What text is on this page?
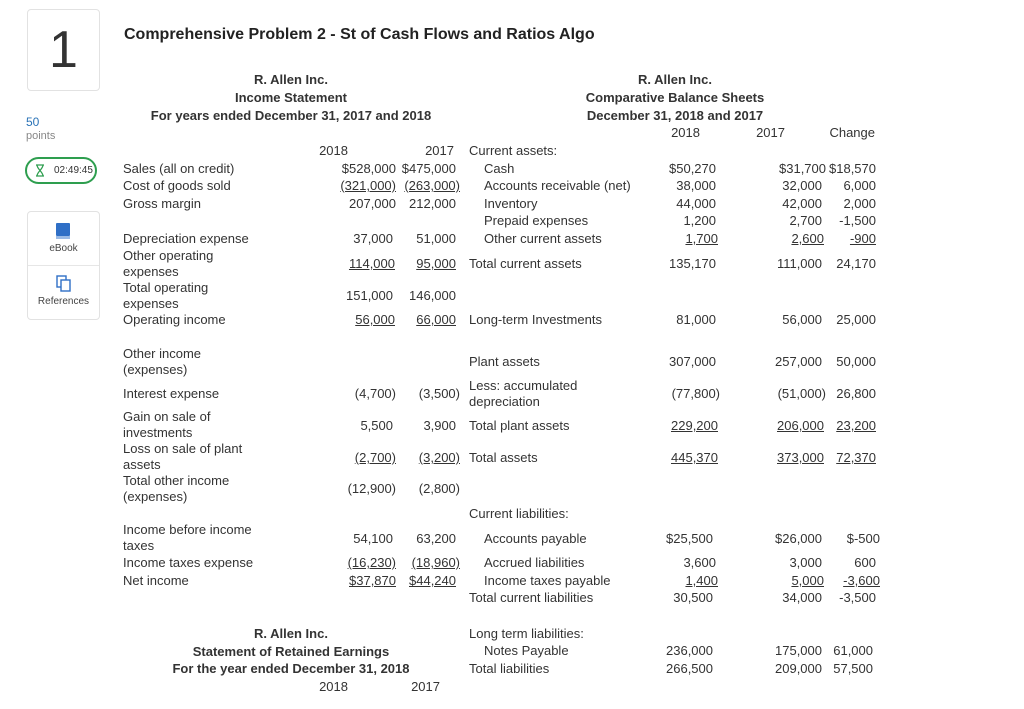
1
50
points
02:49:45
eBook
References
Comprehensive Problem 2 - St of Cash Flows and Ratios Algo
R. Allen Inc.
Income Statement
For years ended December 31, 2017 and 2018
2018	2017
Sales (all on credit)	$528,000 $475,000
Cost of goods sold	(321,000) (263,000)
Gross margin	207,000	212,000
Depreciation expense	37,000	51,000
Other operating expenses
114,000	95,000
Total operating expenses
151,000	146,000
Operating income	56,000	66,000
Other income (expenses)
Interest expense	(4,700)	(3,500)
Gain on sale of investments	5,500	3,900
Loss on sale of plant assets	(2,700)	(3,200)
Total other income (expenses)
(12,900)	(2,800)
Income before income taxes	54,100	63,200
Income taxes expense	(16,230)	(18,960)
Net income	$37,870	$44,240
R. Allen Inc.
Statement of Retained Earnings
For the year ended December 31, 2018
2018	2017
R. Allen Inc.
Comparative Balance Sheets
December 31, 2018 and 2017
2018	2017	Change
Current assets:
Cash	$50,270	$31,700 $18,570
Accounts receivable (net)	38,000	32,000	6,000
Inventory	44,000	42,000	2,000
Prepaid expenses	1,200	2,700	-1,500
Other current assets	1,700	2,600	-900
Total current assets	135,170	111,000	24,170
Long-term Investments	81,000	56,000	25,000
Plant assets	307,000	257,000	50,000
Less: accumulated depreciation
(77,800)	(51,000) 26,800
Total plant assets	229,200	206,000 23,200
Total assets	445,370	373,000 72,370
Current liabilities:
Accounts payable	$25,500	$26,000	$-500
Accrued liabilities	3,600	3,000	600
Income taxes payable	1,400	5,000	-3,600
Total current liabilities	30,500	34,000	-3,500
Long term liabilities:
Notes Payable	236,000	175,000 61,000
Total liabilities	266,500	209,000 57,500
